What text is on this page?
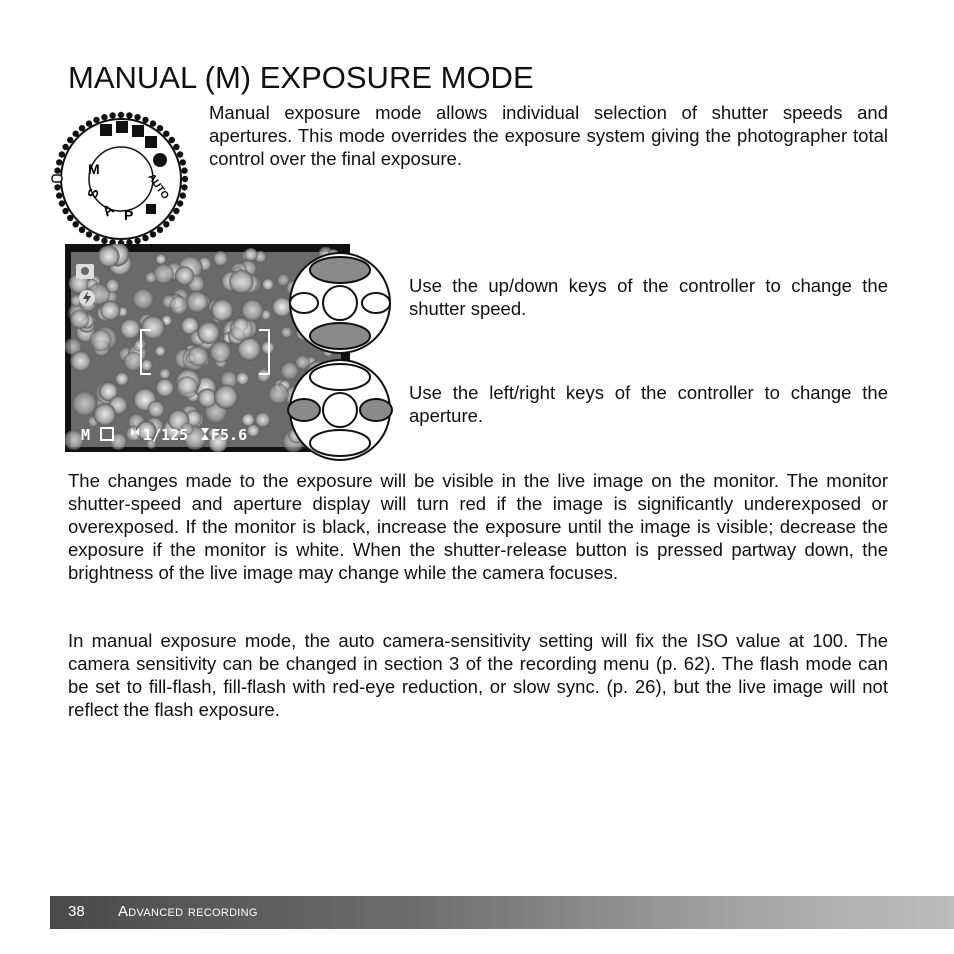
MANUAL (M) EXPOSURE MODE
M
S
A P
AUTO

Manual exposure mode allows individual selection of shutter speeds and apertures. This mode overrides the exposure system giving the photographer total control over the final exposure.

M	1/125 F5.6

Use the up/down keys of the controller to change the shutter speed.

Use the left/right keys of the controller to change the aperture.

The changes made to the exposure will be visible in the live image on the monitor. The monitor shutter-speed and aperture display will turn red if the image is significantly underexposed or overexposed. If the monitor is black, increase the exposure until the image is visible; decrease the exposure if the monitor is white. When the shutter-release button is pressed partway down, the brightness of the live image may change while the camera focuses.

In manual exposure mode, the auto camera-sensitivity setting will fix the ISO value at 100. The camera sensitivity can be changed in section 3 of the recording menu (p. 62). The flash mode can be set to fill-flash, fill-flash with red-eye reduction, or slow sync. (p. 26), but the live image will not reflect the flash exposure.

38 Advanced recording
